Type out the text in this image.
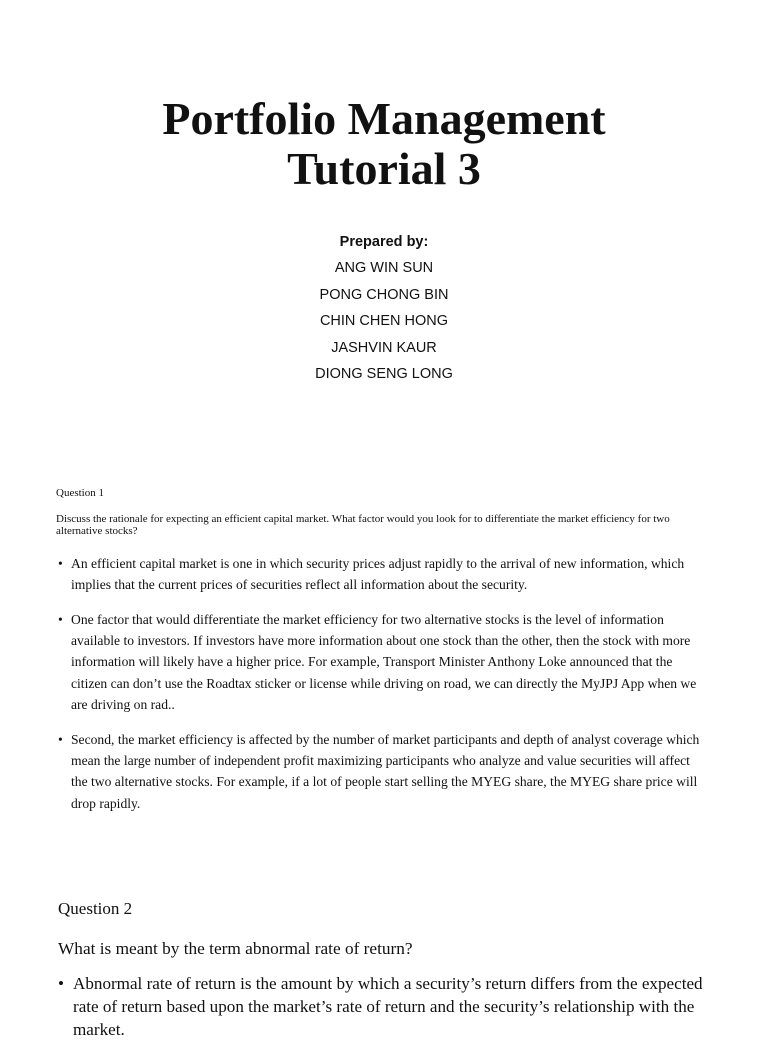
Portfolio Management
Tutorial 3
Prepared by:
ANG WIN SUN
PONG CHONG BIN
CHIN CHEN HONG
JASHVIN KAUR
DIONG SENG LONG
Question 1
Discuss the rationale for expecting an efficient capital market. What factor would you look for to differentiate the market efficiency for two alternative stocks?
• An efficient capital market is one in which security prices adjust rapidly to the arrival of new information, which implies that the current prices of securities reflect all information about the security.
• One factor that would differentiate the market efficiency for two alternative stocks is the level of information available to investors. If investors have more information about one stock than the other, then the stock with more information will likely have a higher price. For example, Transport Minister Anthony Loke announced that the citizen can don’t use the Roadtax sticker or license while driving on road, we can directly the MyJPJ App when we are driving on rad..
• Second, the market efficiency is affected by the number of market participants and depth of analyst coverage which mean the large number of independent profit maximizing participants who analyze and value securities will affect the two alternative stocks. For example, if a lot of people start selling the MYEG share, the MYEG share price will drop rapidly.
Question 2
What is meant by the term abnormal rate of return?
• Abnormal rate of return is the amount by which a security’s return differs from the expected rate of return based upon the market’s rate of return and the security’s relationship with the market.
